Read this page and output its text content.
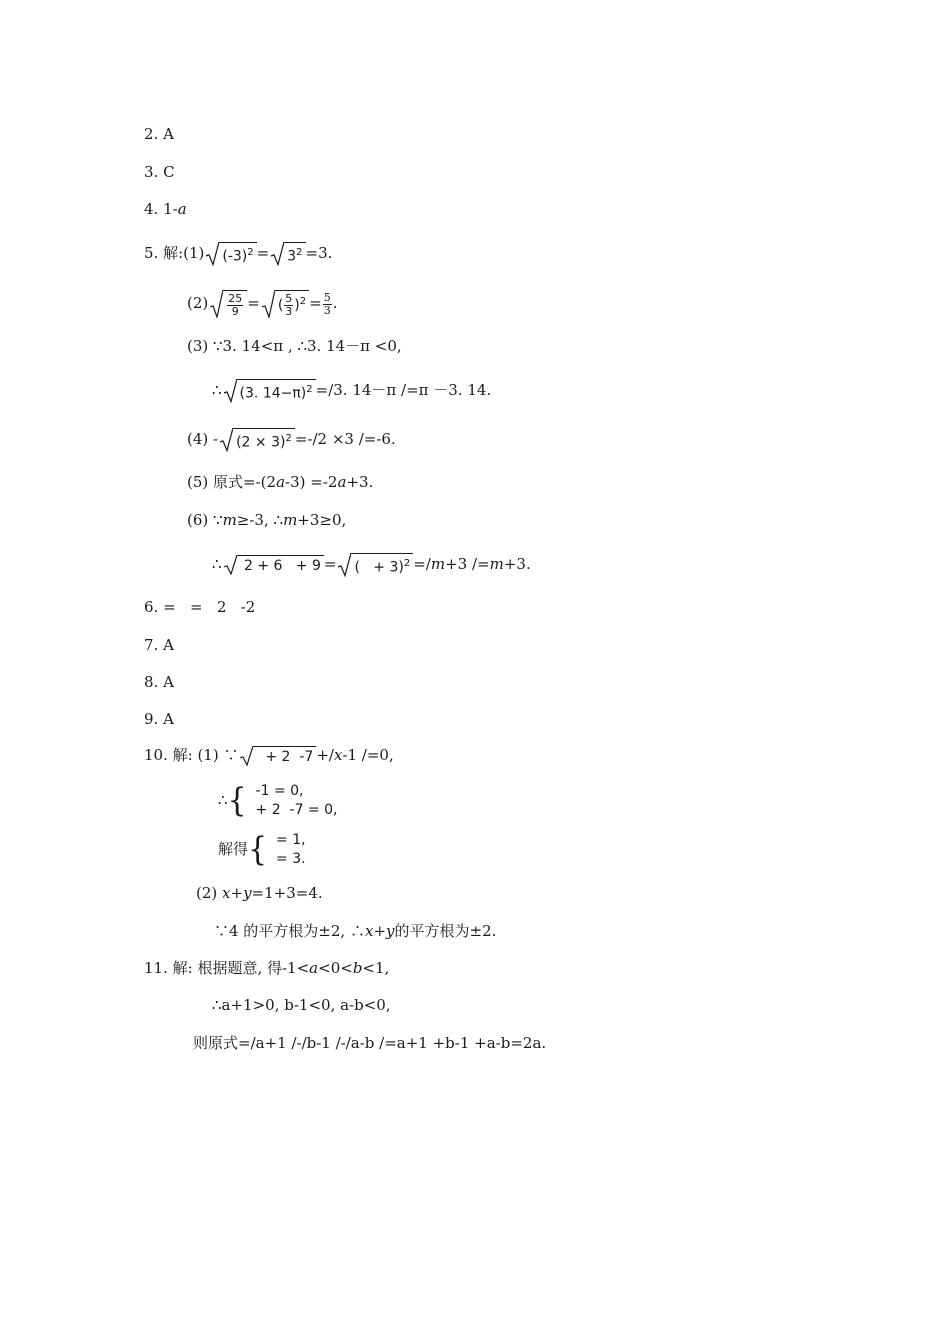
2. A
3. C
4. 1-a
5. 解:(1) $(-3)^2 = 3^2 =3$.
$(2) \frac{25}{9}$ = ( $\frac{5}{3} )^2 = \frac{5}{3}$ .
(3) ∵3. 14<π , ∴3. 14－π <0,
∴ (3. 14−π)$^2$ =/3. 14－π /=π －3. 14.
$(4) - (2 \times 3)^2 =-/2 \times 3$ /=-6.
(5) 原式=-(2a-3) =-2a+3.
(6) ∵m≥-3, ∴m+3≥0,
∴
2 + 6   + 9 = (   + 3)$^2$ =/m+3 /=m+3.
6. =   =   2   -2
7. A
8. A
9. A
10. 解: (1) ∵
+ 2  -7 +/x-1 /=0,
∴{  -1 = 0,
+ 2  -7 = 0,
解得{  = 1,
= 3.
(2) x+y=1+3=4.
∵4 的平方根为±2, ∴x+y的平方根为±2.
11. 解: 根据题意, 得-1<a<0<b<1,
∴a+1>0, b-1<0, a-b<0,
则原式=/a+1 /-/b-1 /-/a-b /=a+1 +b-1 +a-b=2a.
